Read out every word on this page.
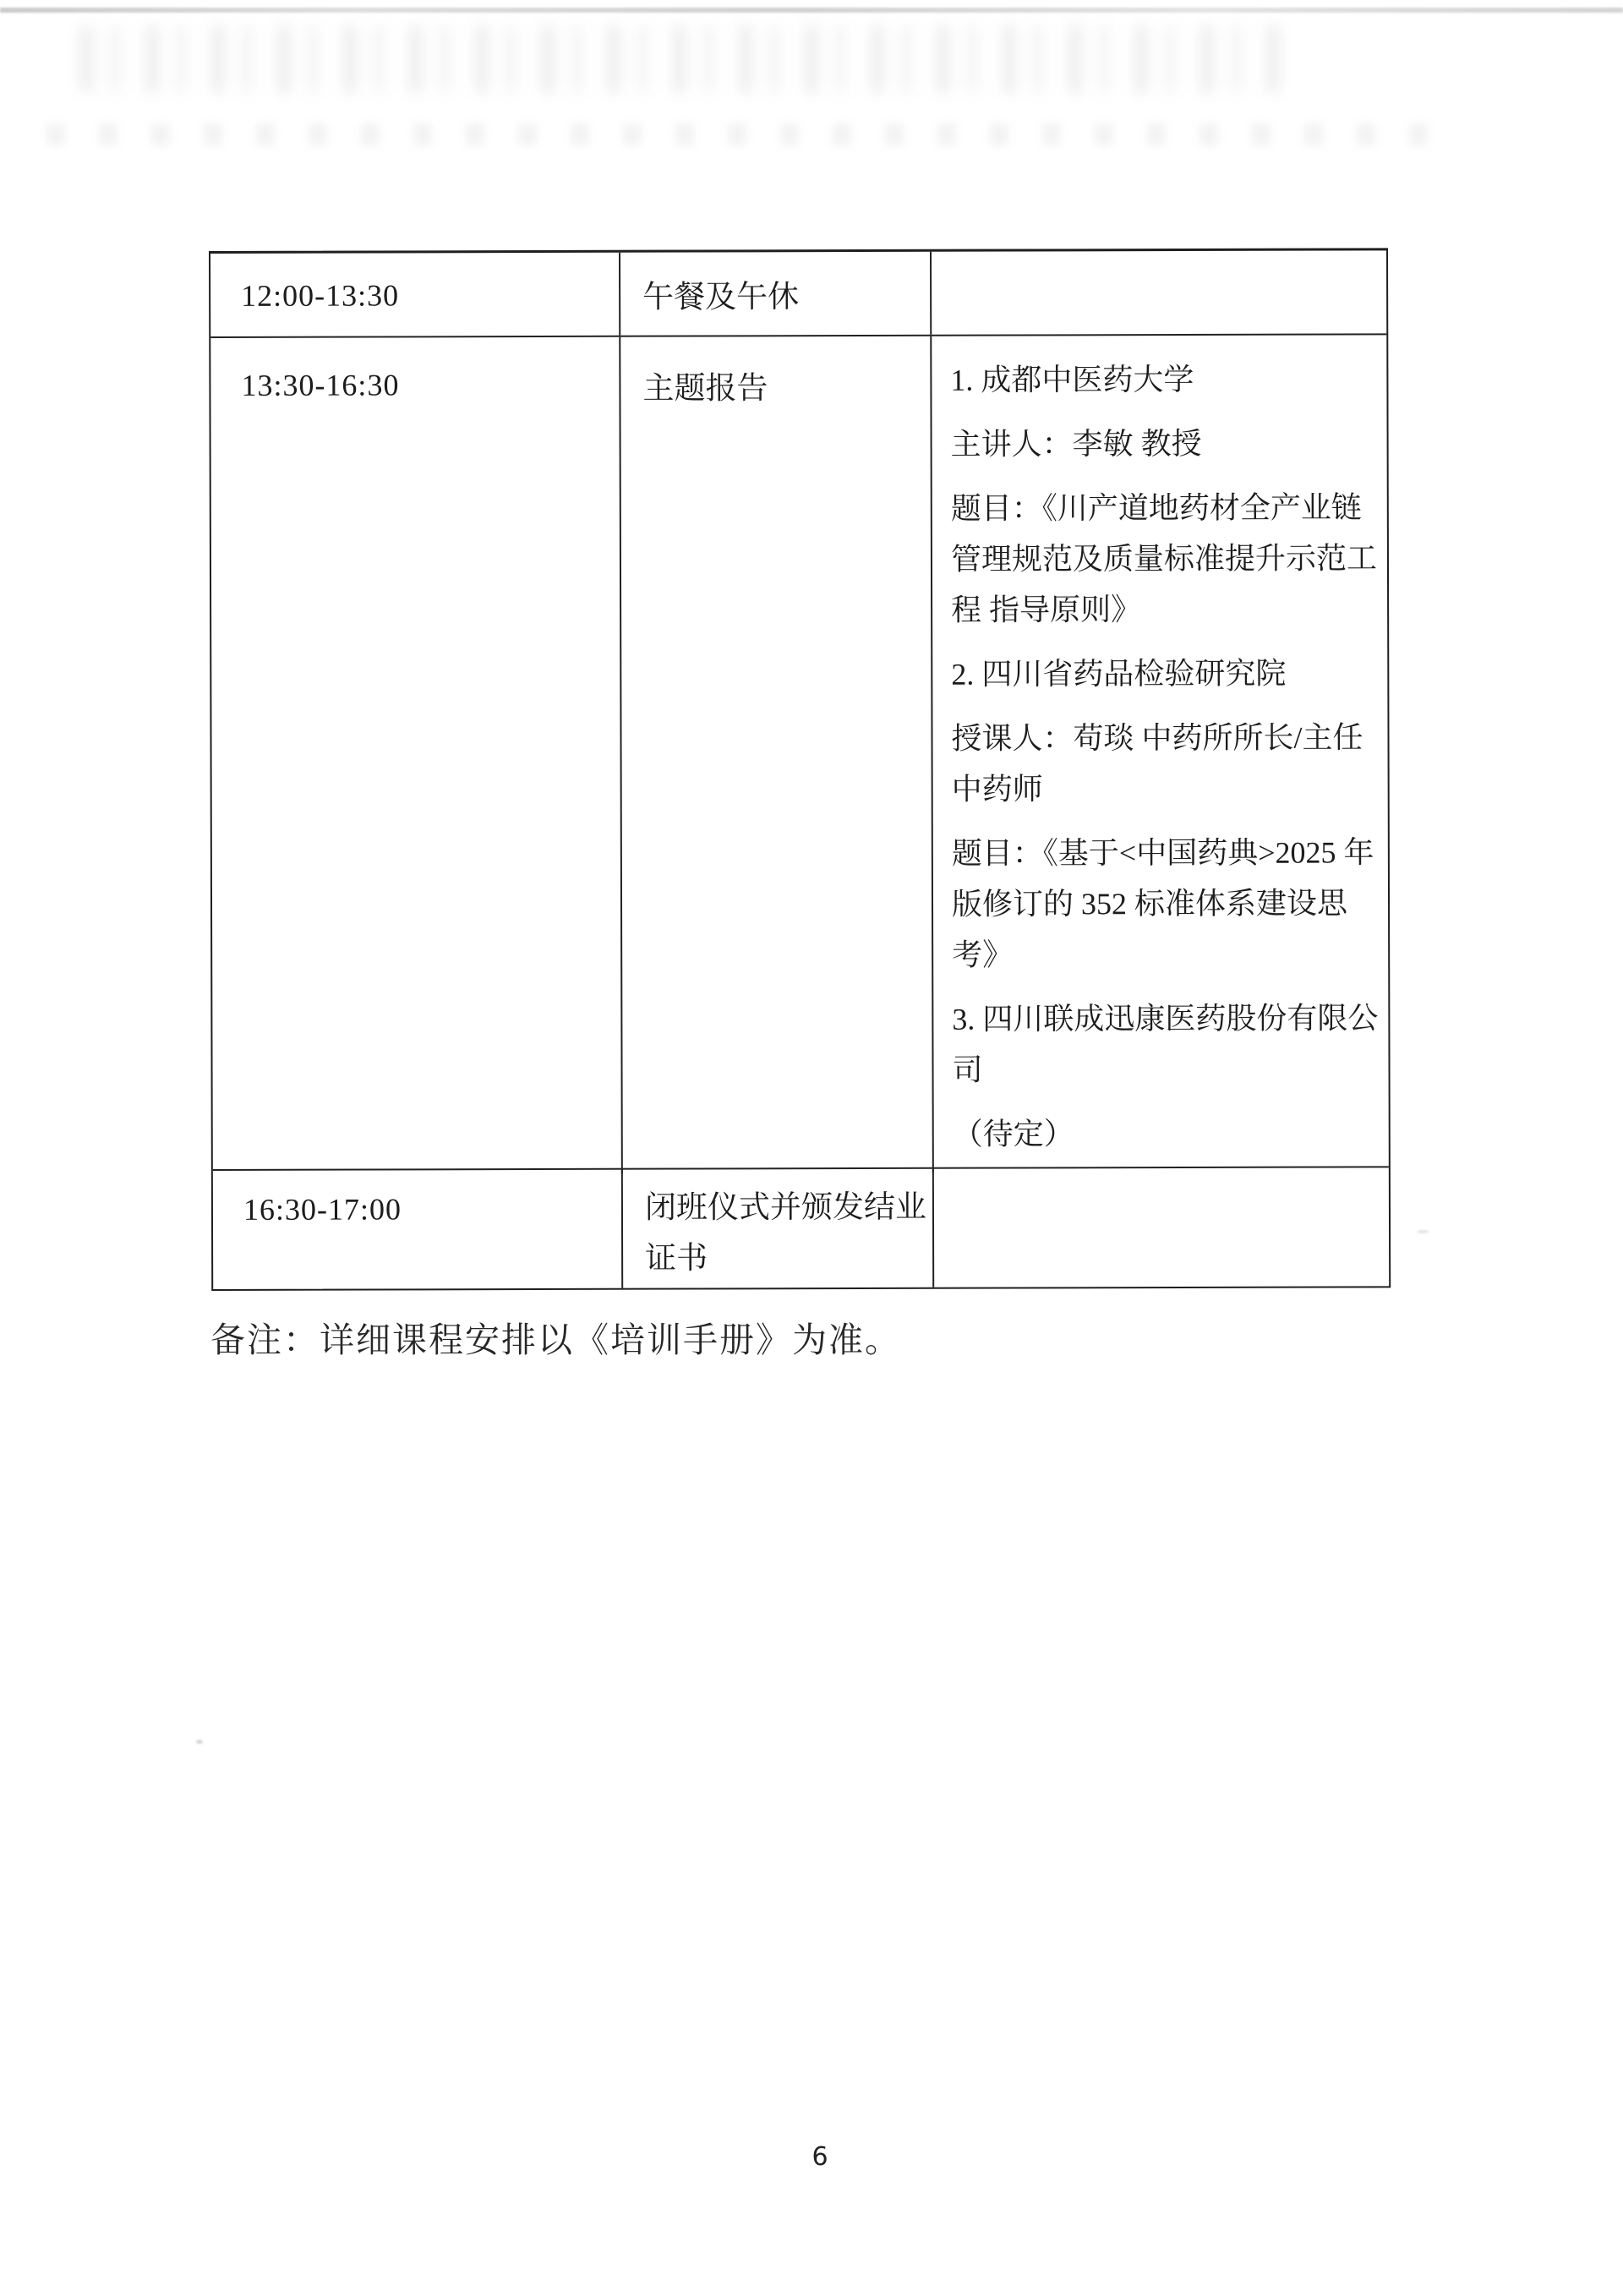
12:00-13:30	午餐及午休
13:30-16:30	主题报告	1. 成都中医药大学

主讲人：李敏 教授

题目：《川产道地药材全产业链
管理规范及质量标准提升示范工
程 指导原则》

2. 四川省药品检验研究院

授课人：苟琰 中药所所长/主任
中药师

题目：《基于<中国药典>2025 年
版修订的 352 标准体系建设思
考》

3. 四川联成迅康医药股份有限公
司

（待定）

16:30-17:00	闭班仪式并颁发结业
证书
备注：详细课程安排以《培训手册》为准。
6
